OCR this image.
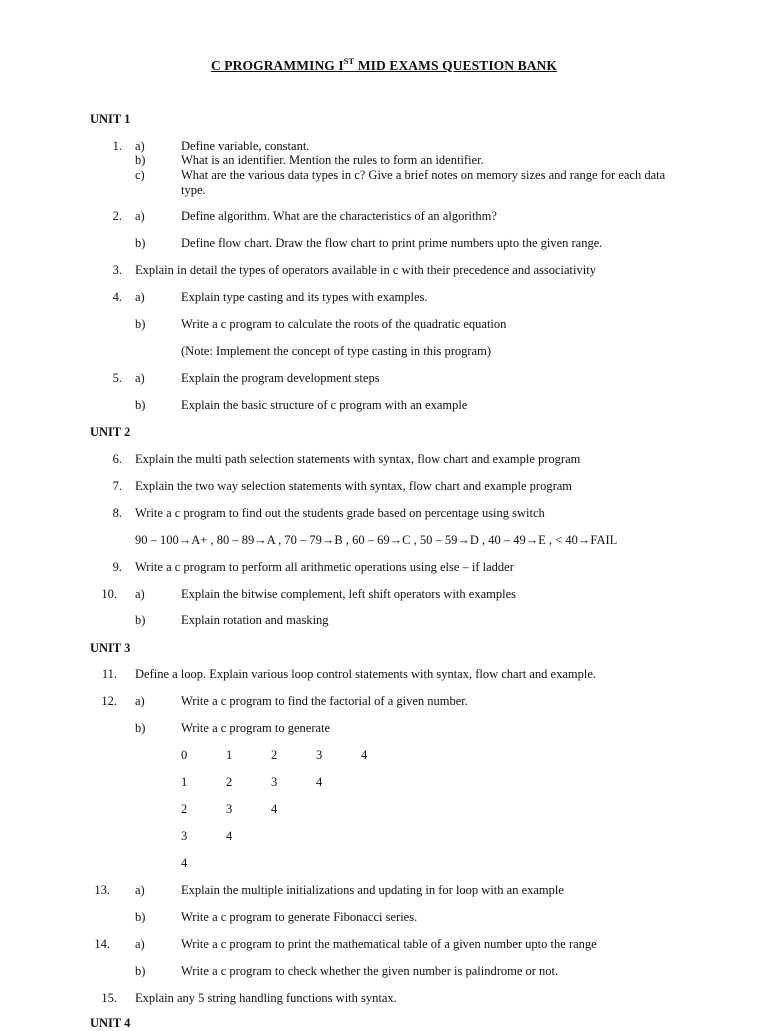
C PROGRAMMING IST MID EXAMS QUESTION BANK
UNIT 1
1. a)	Define variable, constant.
b)	What is an identifier. Mention the rules to form an identifier.
c)	What are the various data types in c? Give a brief notes on memory sizes and range for each data type.
2. a)	Define algorithm. What are the characteristics of an algorithm?
b)	Define flow chart. Draw the flow chart to print prime numbers upto the given range.
3. Explain in detail the types of operators available in c with their precedence and associativity
4. a)	Explain type casting and its types with examples.
b)	Write a c program to calculate the roots of the quadratic equation
(Note: Implement the concept of type casting in this program)
5. a)	Explain the program development steps
b)	Explain the basic structure of c program with an example
UNIT 2
6. Explain the multi path selection statements with syntax, flow chart and example program
7. Explain the two way selection statements with syntax, flow chart and example program
8. Write a c program to find out the students grade based on percentage using switch
90 – 100→A+ , 80 – 89→A , 70 – 79→B , 60 – 69→C , 50 – 59→D , 40 – 49→E , < 40→FAIL
9. Write a c program to perform all arithmetic operations using else – if ladder
10. a)	Explain the bitwise complement, left shift operators with examples
b)	Explain rotation and masking
UNIT 3
11. Define a loop. Explain various loop control statements with syntax, flow chart and example.
12. a)	Write a c program to find the factorial of a given number.
b)	Write a c program to generate
0	1	2	3	4
1	2	3	4
2	3	4
3	4
4
13. a)	Explain the multiple initializations and updating in for loop with an example
b)	Write a c program to generate Fibonacci series.
14. a)	Write a c program to print the mathematical table of a given number upto the range
b)	Write a c program to check whether the given number is palindrome or not.
15. Explain any 5 string handling functions with syntax.
UNIT 4
